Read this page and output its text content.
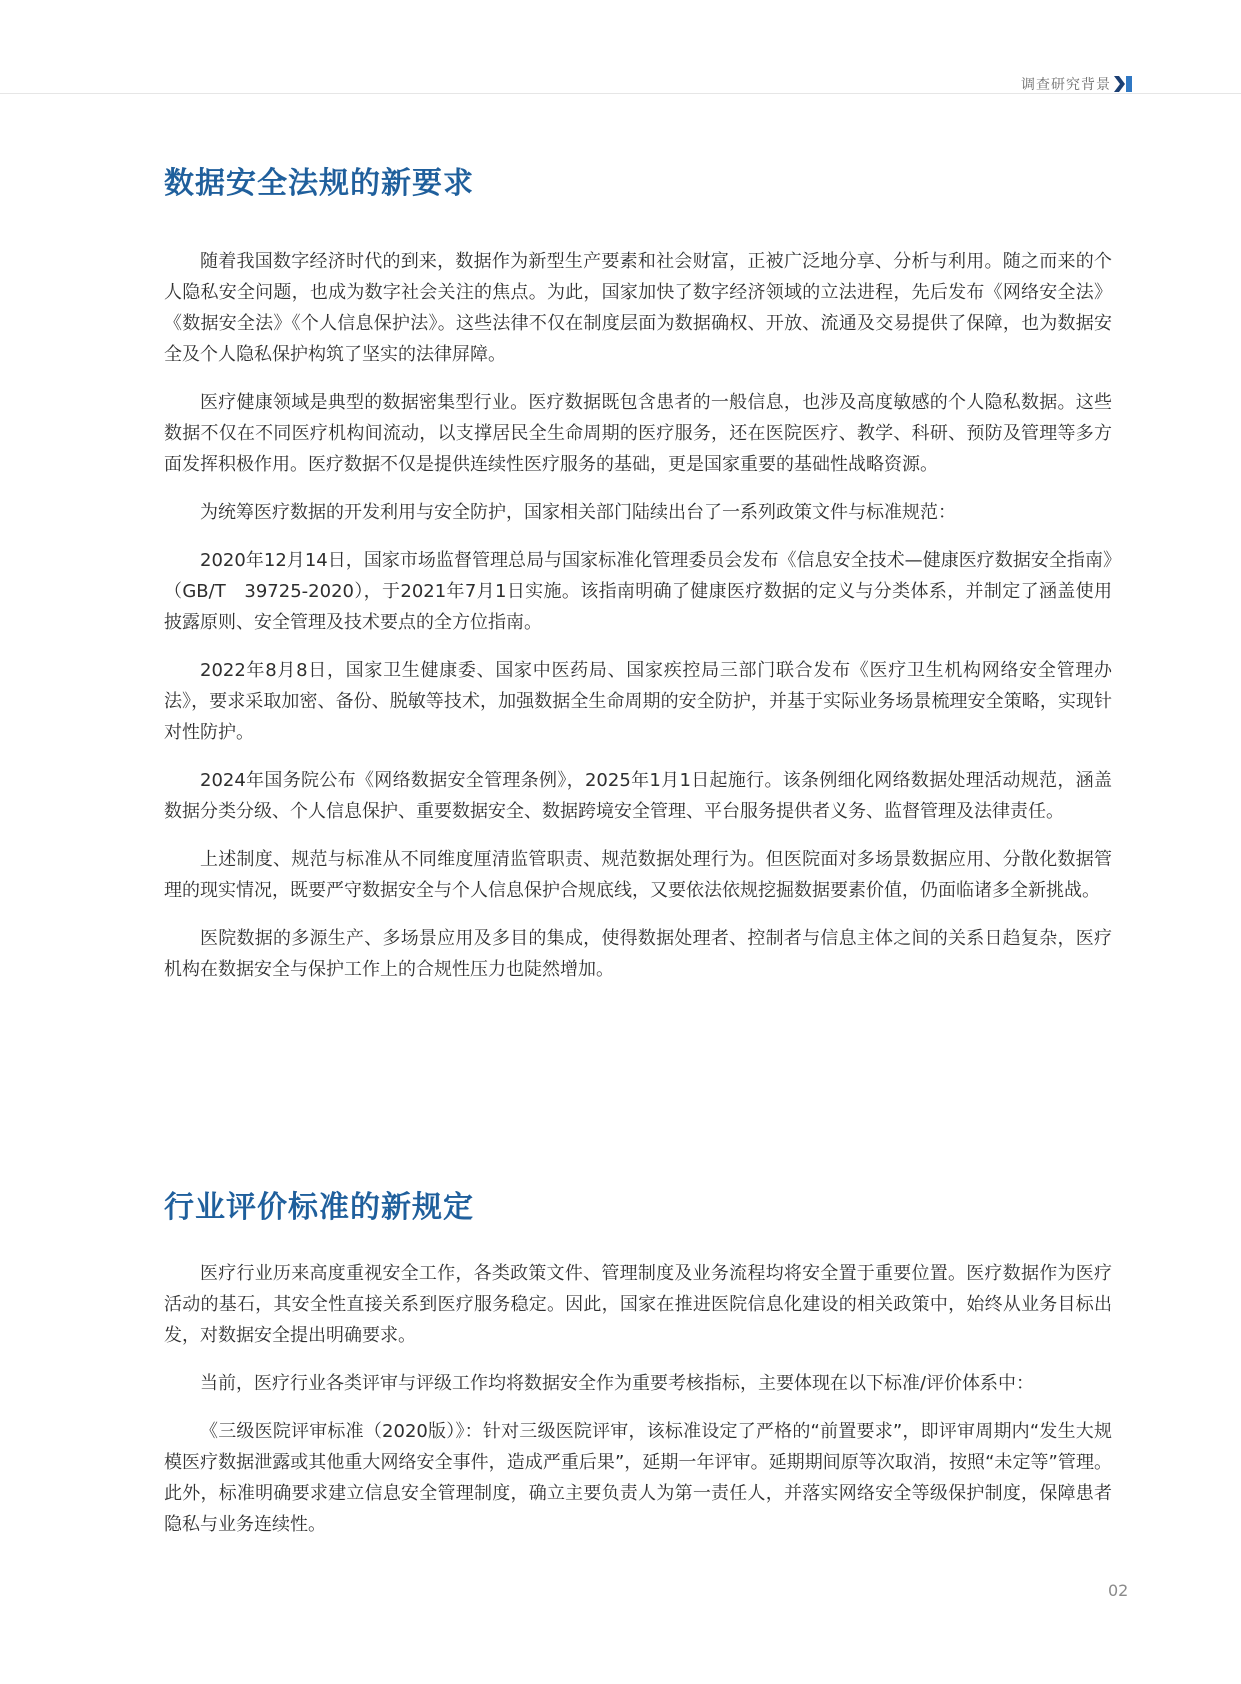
调查研究背景
数据安全法规的新要求

随着我国数字经济时代的到来，数据作为新型生产要素和社会财富，正被广泛地分享、分析与利用。随之而来的个人隐私安全问题，也成为数字社会关注的焦点。为此，国家加快了数字经济领域的立法进程，先后发布《网络安全法》《数据安全法》《个人信息保护法》。这些法律不仅在制度层面为数据确权、开放、流通及交易提供了保障，也为数据安全及个人隐私保护构筑了坚实的法律屏障。

医疗健康领域是典型的数据密集型行业。医疗数据既包含患者的一般信息，也涉及高度敏感的个人隐私数据。这些数据不仅在不同医疗机构间流动，以支撑居民全生命周期的医疗服务，还在医院医疗、教学、科研、预防及管理等多方面发挥积极作用。医疗数据不仅是提供连续性医疗服务的基础，更是国家重要的基础性战略资源。

为统筹医疗数据的开发利用与安全防护，国家相关部门陆续出台了一系列政策文件与标准规范：

2020年12月14日，国家市场监督管理总局与国家标准化管理委员会发布《信息安全技术—健康医疗数据安全指南》（GB/T　39725-2020），于2021年7月1日实施。该指南明确了健康医疗数据的定义与分类体系，并制定了涵盖使用披露原则、安全管理及技术要点的全方位指南。

2022年8月8日，国家卫生健康委、国家中医药局、国家疾控局三部门联合发布《医疗卫生机构网络安全管理办法》，要求采取加密、备份、脱敏等技术，加强数据全生命周期的安全防护，并基于实际业务场景梳理安全策略，实现针对性防护。

2024年国务院公布《网络数据安全管理条例》，2025年1月1日起施行。该条例细化网络数据处理活动规范，涵盖数据分类分级、个人信息保护、重要数据安全、数据跨境安全管理、平台服务提供者义务、监督管理及法律责任。

上述制度、规范与标准从不同维度厘清监管职责、规范数据处理行为。但医院面对多场景数据应用、分散化数据管理的现实情况，既要严守数据安全与个人信息保护合规底线，又要依法依规挖掘数据要素价值，仍面临诸多全新挑战。

医院数据的多源生产、多场景应用及多目的集成，使得数据处理者、控制者与信息主体之间的关系日趋复杂，医疗机构在数据安全与保护工作上的合规性压力也陡然增加。

行业评价标准的新规定

医疗行业历来高度重视安全工作，各类政策文件、管理制度及业务流程均将安全置于重要位置。医疗数据作为医疗活动的基石，其安全性直接关系到医疗服务稳定。因此，国家在推进医院信息化建设的相关政策中，始终从业务目标出发，对数据安全提出明确要求。

当前，医疗行业各类评审与评级工作均将数据安全作为重要考核指标，主要体现在以下标准/评价体系中：

《三级医院评审标准（2020版）》：针对三级医院评审，该标准设定了严格的“前置要求”，即评审周期内“发生大规模医疗数据泄露或其他重大网络安全事件，造成严重后果”，延期一年评审。延期期间原等次取消，按照“未定等”管理。此外，标准明确要求建立信息安全管理制度，确立主要负责人为第一责任人，并落实网络安全等级保护制度，保障患者隐私与业务连续性。

02
